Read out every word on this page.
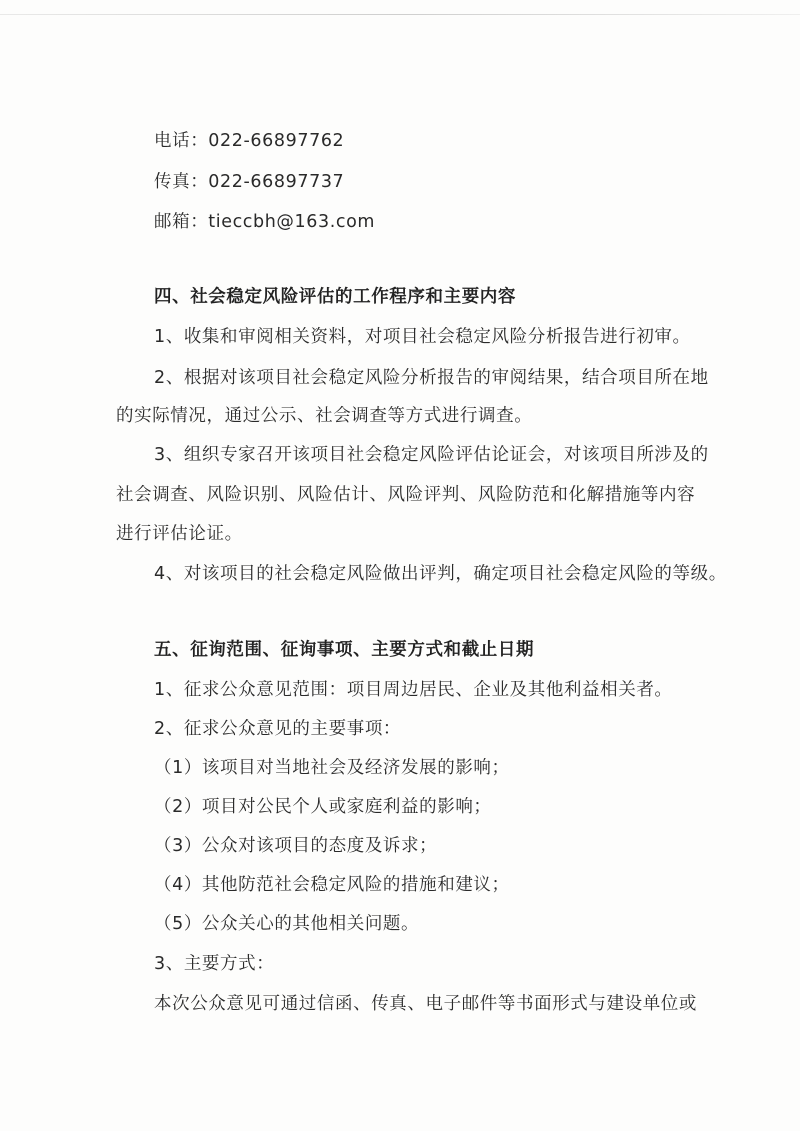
电话：022-66897762
传真：022-66897737
邮箱：tieccbh@163.com
四、社会稳定风险评估的工作程序和主要内容
1、收集和审阅相关资料，对项目社会稳定风险分析报告进行初审。
2、根据对该项目社会稳定风险分析报告的审阅结果，结合项目所在地
的实际情况，通过公示、社会调查等方式进行调查。
3、组织专家召开该项目社会稳定风险评估论证会，对该项目所涉及的
社会调查、风险识别、风险估计、风险评判、风险防范和化解措施等内容
进行评估论证。
4、对该项目的社会稳定风险做出评判，确定项目社会稳定风险的等级。
五、征询范围、征询事项、主要方式和截止日期
1、征求公众意见范围：项目周边居民、企业及其他利益相关者。
2、征求公众意见的主要事项：
（1）该项目对当地社会及经济发展的影响；
（2）项目对公民个人或家庭利益的影响；
（3）公众对该项目的态度及诉求；
（4）其他防范社会稳定风险的措施和建议；
（5）公众关心的其他相关问题。
3、主要方式：
本次公众意见可通过信函、传真、电子邮件等书面形式与建设单位或
